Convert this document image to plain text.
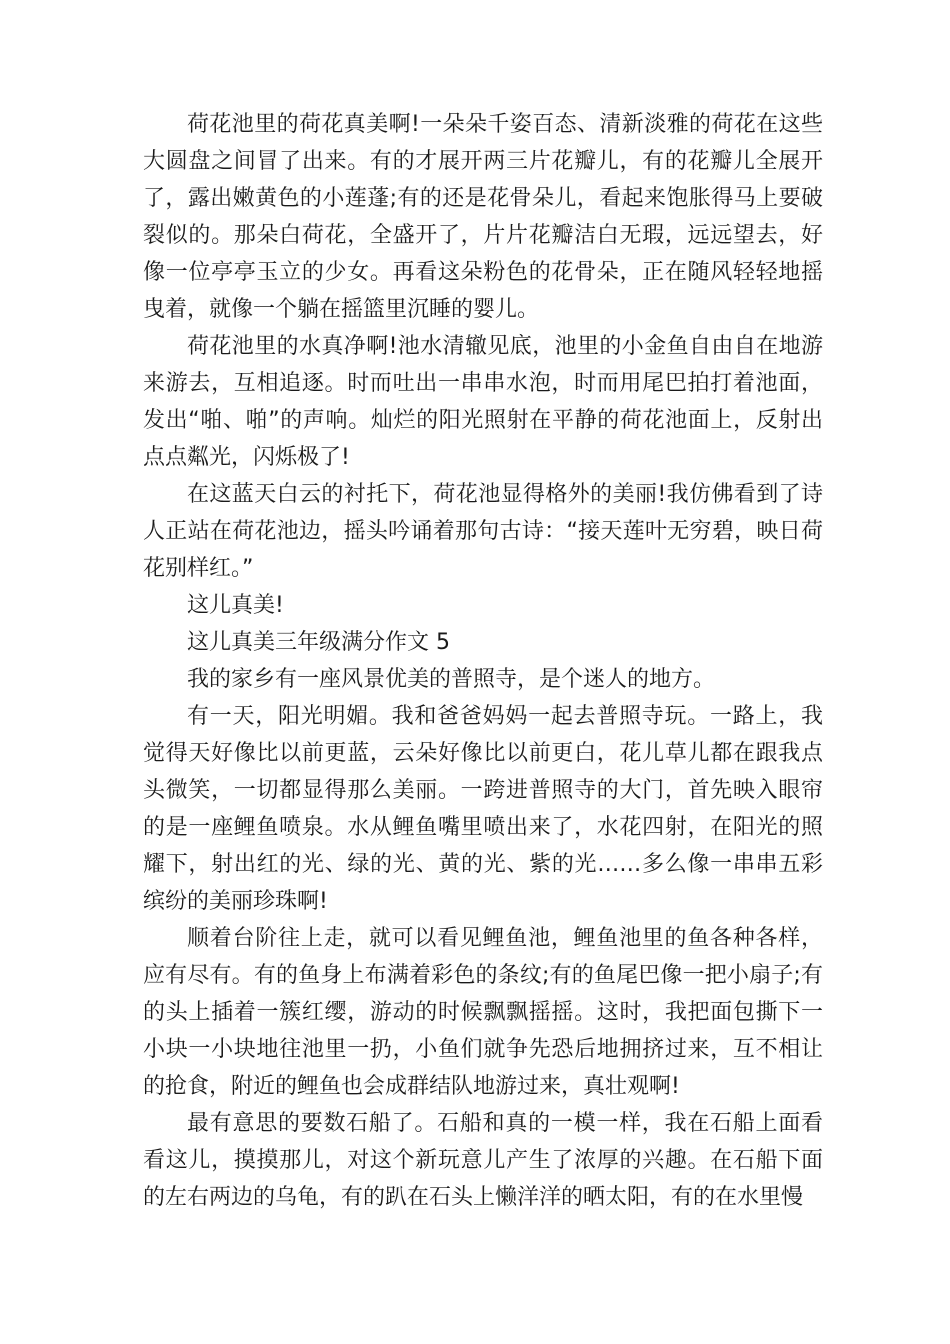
荷花池里的荷花真美啊!一朵朵千姿百态、清新淡雅的荷花在这些大圆盘之间冒了出来。有的才展开两三片花瓣儿，有的花瓣儿全展开了，露出嫩黄色的小莲蓬;有的还是花骨朵儿，看起来饱胀得马上要破裂似的。那朵白荷花，全盛开了，片片花瓣洁白无瑕，远远望去，好像一位亭亭玉立的少女。再看这朵粉色的花骨朵，正在随风轻轻地摇曳着，就像一个躺在摇篮里沉睡的婴儿。

荷花池里的水真净啊!池水清辙见底，池里的小金鱼自由自在地游来游去，互相追逐。时而吐出一串串水泡，时而用尾巴拍打着池面，发出“啪、啪”的声响。灿烂的阳光照射在平静的荷花池面上，反射出点点粼光，闪烁极了!

在这蓝天白云的衬托下，荷花池显得格外的美丽!我仿佛看到了诗人正站在荷花池边，摇头吟诵着那句古诗：“接天莲叶无穷碧，映日荷花别样红。”

这儿真美!

这儿真美三年级满分作文 5

我的家乡有一座风景优美的普照寺，是个迷人的地方。

有一天，阳光明媚。我和爸爸妈妈一起去普照寺玩。一路上，我觉得天好像比以前更蓝，云朵好像比以前更白，花儿草儿都在跟我点头微笑，一切都显得那么美丽。一跨进普照寺的大门，首先映入眼帘的是一座鲤鱼喷泉。水从鲤鱼嘴里喷出来了，水花四射，在阳光的照耀下，射出红的光、绿的光、黄的光、紫的光……多么像一串串五彩缤纷的美丽珍珠啊!

顺着台阶往上走，就可以看见鲤鱼池，鲤鱼池里的鱼各种各样，应有尽有。有的鱼身上布满着彩色的条纹;有的鱼尾巴像一把小扇子;有的头上插着一簇红缨，游动的时候飘飘摇摇。这时，我把面包撕下一小块一小块地往池里一扔，小鱼们就争先恐后地拥挤过来，互不相让的抢食，附近的鲤鱼也会成群结队地游过来，真壮观啊!

最有意思的要数石船了。石船和真的一模一样，我在石船上面看看这儿，摸摸那儿，对这个新玩意儿产生了浓厚的兴趣。在石船下面的左右两边的乌龟，有的趴在石头上懒洋洋的晒太阳，有的在水里慢
